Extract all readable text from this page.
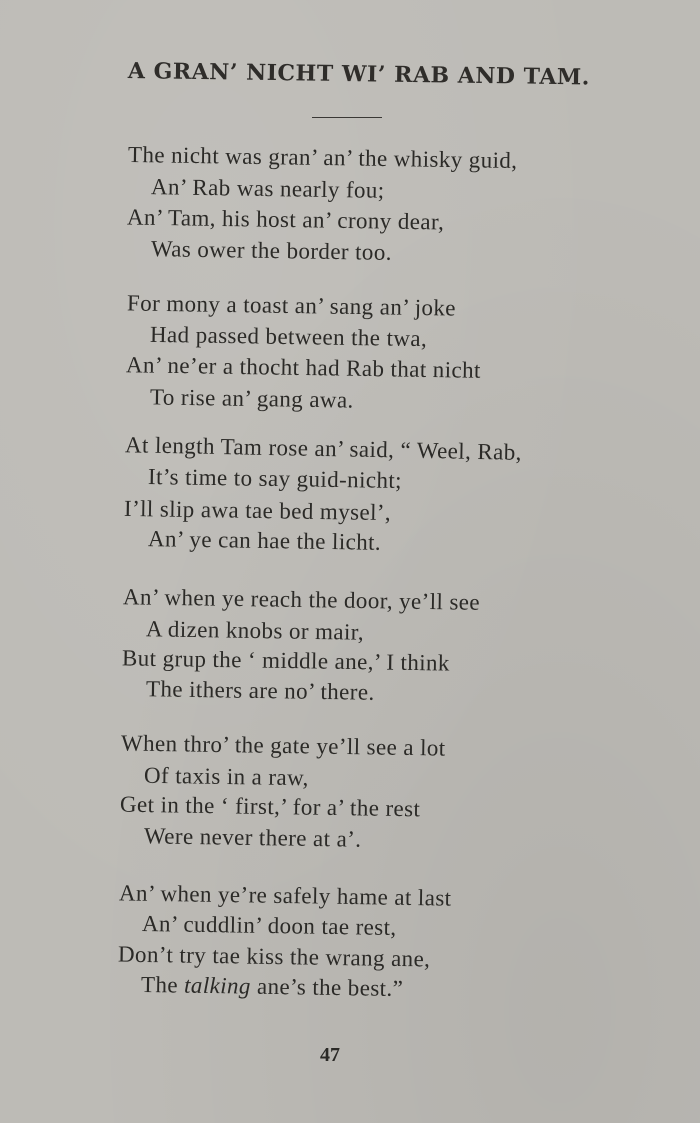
A GRAN’ NICHT WI’ RAB AND TAM.
The nicht was gran’ an’ the whisky guid,
An’ Rab was nearly fou;
An’ Tam, his host an’ crony dear,
Was ower the border too.
For mony a toast an’ sang an’ joke
Had passed between the twa,
An’ ne’er a thocht had Rab that nicht
To rise an’ gang awa.
At length Tam rose an’ said, “ Weel, Rab,
It’s time to say guid-nicht;
I’ll slip awa tae bed mysel’,
An’ ye can hae the licht.
An’ when ye reach the door, ye’ll see
A dizen knobs or mair,
But grup the ‘ middle ane,’ I think
The ithers are no’ there.
When thro’ the gate ye’ll see a lot
Of taxis in a raw,
Get in the ‘ first,’ for a’ the rest
Were never there at a’.
An’ when ye’re safely hame at last
An’ cuddlin’ doon tae rest,
Don’t try tae kiss the wrang ane,
The talking ane’s the best.”
47
